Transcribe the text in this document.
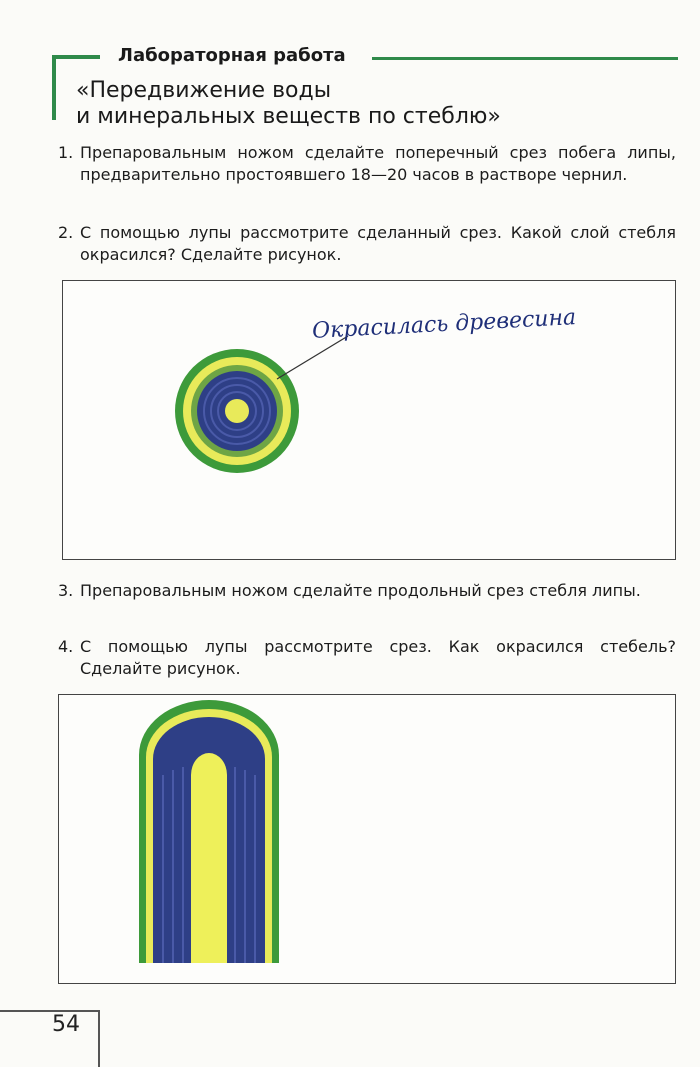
Лабораторная работа
«Передвижение воды
и минеральных веществ по стеблю»
1. Препаровальным ножом сделайте поперечный срез побега липы, предварительно простоявшего 18—20 часов в растворе чернил.
2. С помощью лупы рассмотрите сделанный срез. Какой слой стебля окрасился? Сделайте рисунок.
Окрасилась древесина
3. Препаровальным ножом сделайте продольный срез стебля липы.
4. С помощью лупы рассмотрите срез. Как окрасился стебель? Сделайте рисунок.
54
